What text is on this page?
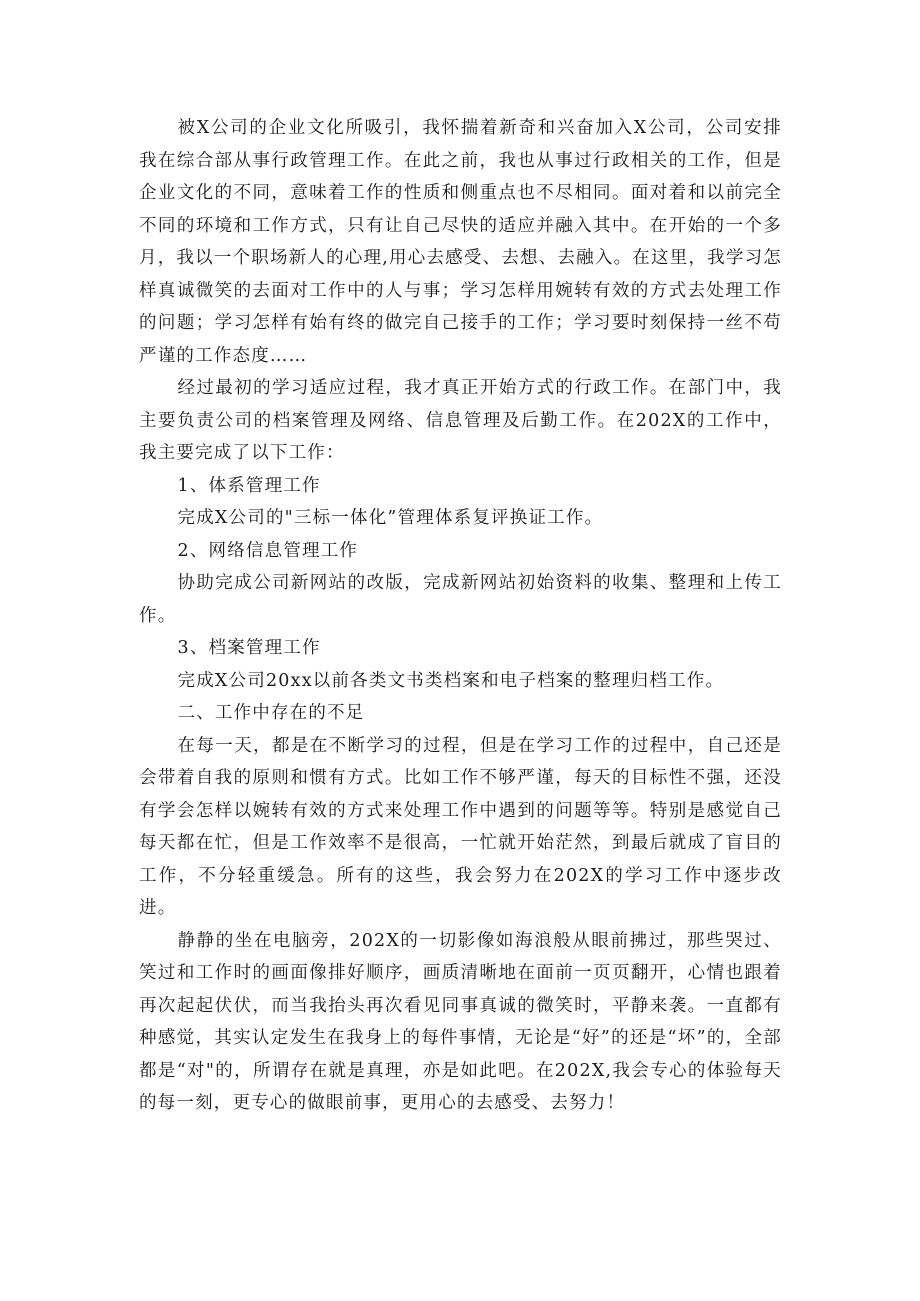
被X公司的企业文化所吸引，我怀揣着新奇和兴奋加入X公司，公司安排我在综合部从事行政管理工作。在此之前，我也从事过行政相关的工作，但是企业文化的不同，意味着工作的性质和侧重点也不尽相同。面对着和以前完全不同的环境和工作方式，只有让自己尽快的适应并融入其中。在开始的一个多月，我以一个职场新人的心理,用心去感受、去想、去融入。在这里，我学习怎样真诚微笑的去面对工作中的人与事；学习怎样用婉转有效的方式去处理工作的问题；学习怎样有始有终的做完自己接手的工作；学习要时刻保持一丝不苟严谨的工作态度……

经过最初的学习适应过程，我才真正开始方式的行政工作。在部门中，我主要负责公司的档案管理及网络、信息管理及后勤工作。在202X的工作中，我主要完成了以下工作：

1、体系管理工作

完成X公司的"三标一体化”管理体系复评换证工作。

2、网络信息管理工作

协助完成公司新网站的改版，完成新网站初始资料的收集、整理和上传工作。

3、档案管理工作

完成X公司20xx以前各类文书类档案和电子档案的整理归档工作。

二、工作中存在的不足

在每一天，都是在不断学习的过程，但是在学习工作的过程中，自己还是会带着自我的原则和惯有方式。比如工作不够严谨，每天的目标性不强，还没有学会怎样以婉转有效的方式来处理工作中遇到的问题等等。特别是感觉自己每天都在忙，但是工作效率不是很高，一忙就开始茫然，到最后就成了盲目的工作，不分轻重缓急。所有的这些，我会努力在202X的学习工作中逐步改进。

静静的坐在电脑旁，202X的一切影像如海浪般从眼前拂过，那些哭过、笑过和工作时的画面像排好顺序，画质清晰地在面前一页页翻开，心情也跟着再次起起伏伏，而当我抬头再次看见同事真诚的微笑时，平静来袭。一直都有种感觉，其实认定发生在我身上的每件事情，无论是“好”的还是“坏”的，全部都是“对"的，所谓存在就是真理，亦是如此吧。在202X,我会专心的体验每天的每一刻，更专心的做眼前事，更用心的去感受、去努力！
